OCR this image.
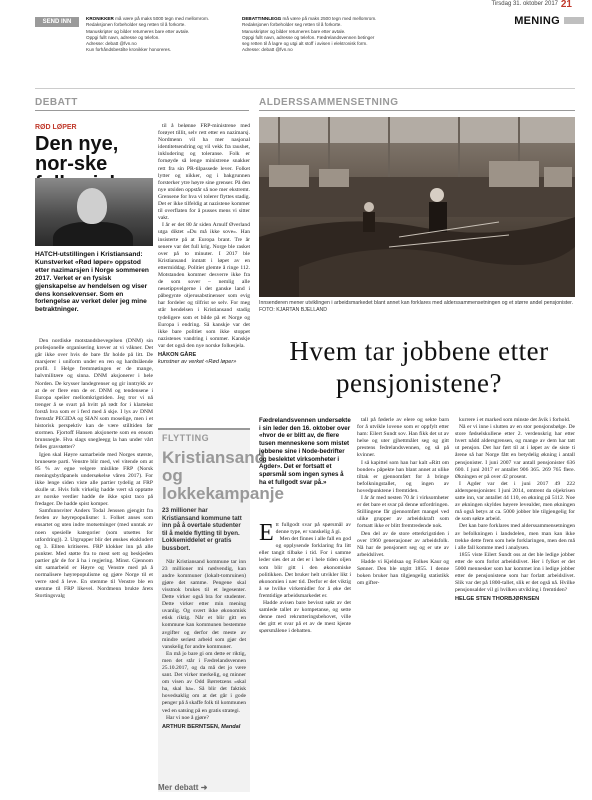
Tirsdag 31. oktober 2017 21
MENING
SEND INN
KRONIKKER må være på maks 5000 tegn med mellomrom.
Redaksjonen forbeholder seg retten til å forkorte.
Manuskripter og bilder returneres bare etter avtale.
Oppgi fullt navn, adresse og telefon.
Adresse: debatt @fvn.no
Kun forhåndsbestilte kronikker honoreres.
DEBATTINNLEGG må være på maks 2500 tegn med mellomrom.
Redaksjonen forbeholder seg retten til å forkorte.
Manuskripter og bilder returneres bare etter avtale.
Oppgi fullt navn, adresse og telefon. Fædrelandsvennen betinger
seg retten til å lagre og utgi alt stoff i avisen i elektronisk form.
Adresse: debatt @fvn.no
DEBATT	ALDERSSAMMENSETNING
RØD LØPER
Den nye, nor-ske
HATCH-utstillingen i Kristiansand: Kunstverket «Rød løper» oppstod etter nazimarsjen i Norge sommeren 2017. Verket er en fysisk gjenskapelse av hendelsen og viser dens konsekvenser. Som en forlengelse av verket deler jeg mine betraktninger.

Den nordiske motstandsbevegelsen (DNM) sin profesjonelle organisering krever at vi våkner. Det går ikke over hvis de bare får holde på litt. De marsjerer i uniform under en ren og hardtslående profil. I Helge fremmøtingen er de mange, halvmilitære og sinna. DNM aksjonerer i hele Norden. De krysser landegrenser og gir inntrykk av at de er flere enn de er. DNM og tendensene i Europa speiler mellomkrigstiden. Jeg tror vi nå trenger å se svart på hvitt på rødt for i klartekst forstå hva som er i ferd med å skje. I lys av DNM fremstår PEGIDA og SIAN som moselige, men i et historisk perspektiv kan de være stilltiden før stormen. Fjortoff Hansen aksjonerte som en ensom brunsnegle. Hva slags snegleegg la han under vårt felles gravstøtter?

Igjen skal Høyre samarbeide med Norges største, brunesete parti. Venstre blir med, vel vitende om at 85 % av egne velgere mislikte FRP (Norsk meningsbyråpanels undersøkelse våren 2017). For ikke lenge siden viste alle partier tydelig at FRP skulle ut. Hvis folk virkelig hadde vært så opptatte av norske verdier hadde de ikke spist taco på fredager. De hadde spist komper.

Samfunnsviter Anders Todal Jenssen gjengitt fra ferden av høyrepopulisme: 1. Folket anses som ensartet og uten indre motsetninger (med unntak av noen spesielle kategorier (som utsettes for utfordring)). 2. Utgrupper blir det ønskes ekskludert og 3. Eliten kritiseres. FRP klokker inn på alle punkter. Med støtte fra to mest sett og beskjeden partier går de for å ha i regjering. Minst. Gjennom sitt samarbeid er Høyre og Venstre med på å normalisere høyrepopulisme og gjøre Norge til et verre sted å leve. En stemme til Venstre ble en stemme til FRP likevel. Nordmenn brukte årets Stortingsvalg

til å belønne FRP-ministrene med forøyet tillit, selv rett etter en nazimarsj. Nordmenn vil ha mer nasjonal identitetsendring og vil vekk fra raushet, inkludering og toleranse. Folk er fornøyde så lenge ministrene snakker rett fra sin PR-tilpassede lever. Folket lytter og nikker, og i bakgrunnen forsterker ytre høyre sine grenser. På den nye utsiden oppstår så noe mer ekstremt. Grensene for hva vi tolerer flyttes stadig. Det er ikke tilfeldig at nazistene kommer til overflaten for å pusses mens vi sitter vakt.

I år er det 80 år siden Arnulf Øverland utga diktet «Du må ikke sove». Han insisterte på at Europa brant. Tre år senere var det full krig. Norge ble rasket over på to minuter. I 2017 ble Kristiansand inntatt i løpet av en ettermiddag. Politiet glemte å ringe 112. Motstanden kommer desverre ikke fra de som sover – nemlig alle nesetippvelgerne i det ganske land i påbegynte oljerusabstinenser som evig har fordeler og tilfrist se selv. For meg står hendelsen i Kristiansand stadig tydeligere som et bilde på et Norge og Europa i endring. Så kanskje var det ikke bare politiet som ikke stoppet nazistenes vandring i sommer. Kanskje var det også den nye norske folkesjela.

HÅKON GÅRE
kunstner av verket «Rød løper»
FLYTTING
Kristiansand og lokkekampanje
23 millioner har Kristiansand kommune tatt inn på å overtale studenter til å melde flytting til byen. Lokkemiddelet er gratis bussbort.

Når Kristiansand kommune tar inn 23 millioner mi nødvendig, kan andre kommuner (lokalt-tomruinen) gjøre det samme. Pengene skal visstnok brukes til et legesenter. Dette virker også bra for studenter. Dette virker etter min mening uvanlig. Og svært ikke økonomisk etisk riktig. Når et blir gitt en kommune kan kommunen bestemme avgifter og derfor det meste av mindre seriøst arbeid som gjør det vanskelig for andre kommuner.

En må jo bare gi om dette er riktig, men det står i Fædrelandsvennen 25.10.2017, og da må det jo være sant. Det virker merkelig, og minner om visen av Odd Børretzens «skal ha, skal ha». Så blir det faktisk hovedsaklig om at det går i gode penger på å skaffe folk til kommunen ved en satsing på en gratis strategi.

Har vi noe å gjøre?

ARTHUR BERNTSEN, Mandal
Mer debatt ➜
Innsenderen mener utviklingen i arbeidsmarkedet blant annet kan forklares med alderssammensetningen og et større andel pensjonister. FOTO: KJARTAN BJELLAND
Hvem tar jobbene etter pensjonistene?
Fædrelandsvennen undersøkte i sin leder den 16. oktober over «hvor de er blitt av, de flere tusen menneskene som mistet jobbene sine i Node-bedrifter og beslektet virksomheter i Agder». Det er fortsatt et spørsmål som ingen synes å ha et fullgodt svar på.»

Ett fullgodt svar på spørsmål av denne type, er vanskelig å gi.

Men det finnes i alle fall en god og opplysende forklaring fra litt eller tangit tilbake i tid. For i samme leder sies det at det er i hele tiden oljen som blir gitt i den økonomiske politikken. Det bruker helt utvikler likt i økonomien i nær tid. Derfor er det viktig å se hvilke virkemidler for å øke det fremtidige arbeidsmarkedet er.

Hadde avisen bare bevisst søkt av det samlede tallet av kompetanse, og sette denne med rekrutteringsbehovet, ville det gitt et svar på et av de mest kjente spørsmålene i debatten.

tall på føderle av elere og sekte barn for å utvikle lovene som er oppfylt etter ham: Eilert Sundt sov. Han fikk det ut av helse og uter gjhettmålet seg og gitt prestens fedrelandsvennen, og så på kvinner.

I så kapittel som han har kalt «Ritt om bonder» påpekte han blant annet at ulike tiltak er gjennomført for å bringe befolkningstallet, og ingen av hovedpunktene i fremtiden.

I år år med nesten 70 år i virksomheter er det bare et svar på denne utfordringen. Stillingene får gjennomført mangel ved ulike grupper av arbeidskraft som fortsatt ikke er blitt fremtredende nok.

Den del av de store etterkrigstiden i over 1960 generasjoner av arbeidsfolk. Nå har de pensjonert seg og er ute av arbeidslivet.

Hadde vi Kjeldsaa og Folkes Kaur og Sønner. Den ble utgitt 1855. I denne boken bruker han tilgjengelig statistikk om gifter-

kurrere i et marked som minste det åvik i forhold.

Nå er vi inne i slutten av en stor pensjonsbølge. De store fødselskullene etter 2. verdenskrig har etter hvert nådd aldersgrensen, og mange av dem har tatt ut pensjon. Det har ført til at i løpet av de siste ti årene så har Norge fått en betydelig økning i antall pensjonister. I juni 2007 var antall pensjonister 636 600. I juni 2017 er antallet 906 365. 269 765 flere. Økningen er på over 42 prosent.

I Agder var det i juni 2017 49 222 alderspensjonister. I juni 2014, omtrent da oljekrisen satte inn, var antallet 44 110, en økning på 5112. Noe av økningen skyldes høyere levealder, men økningen må også betys at ca. 5000 jobber ble tilgjengelig for de som søkte arbeid.

Det kan bare forklares med alderssammensetningen av befolkningen i landsdelen, men man kan ikke trekke dette frem som hele forklaringen, men den må i alle fall komme med i analysen.

1855 viste Eilert Sundt oss at det ble ledige jobber etter de som forlot arbeidslivet. Her i fylket er det 5000 mennesker som har kommet inn i ledige jobber etter de pensjonistene som har forlatt arbeidslivet. Slik var det på 1800-tallet, slik er det også nå. Hvilke pensjonsalder vil gi hvilken utvikling i fremtiden?

HELGE STEN THORBJØRNSEN
